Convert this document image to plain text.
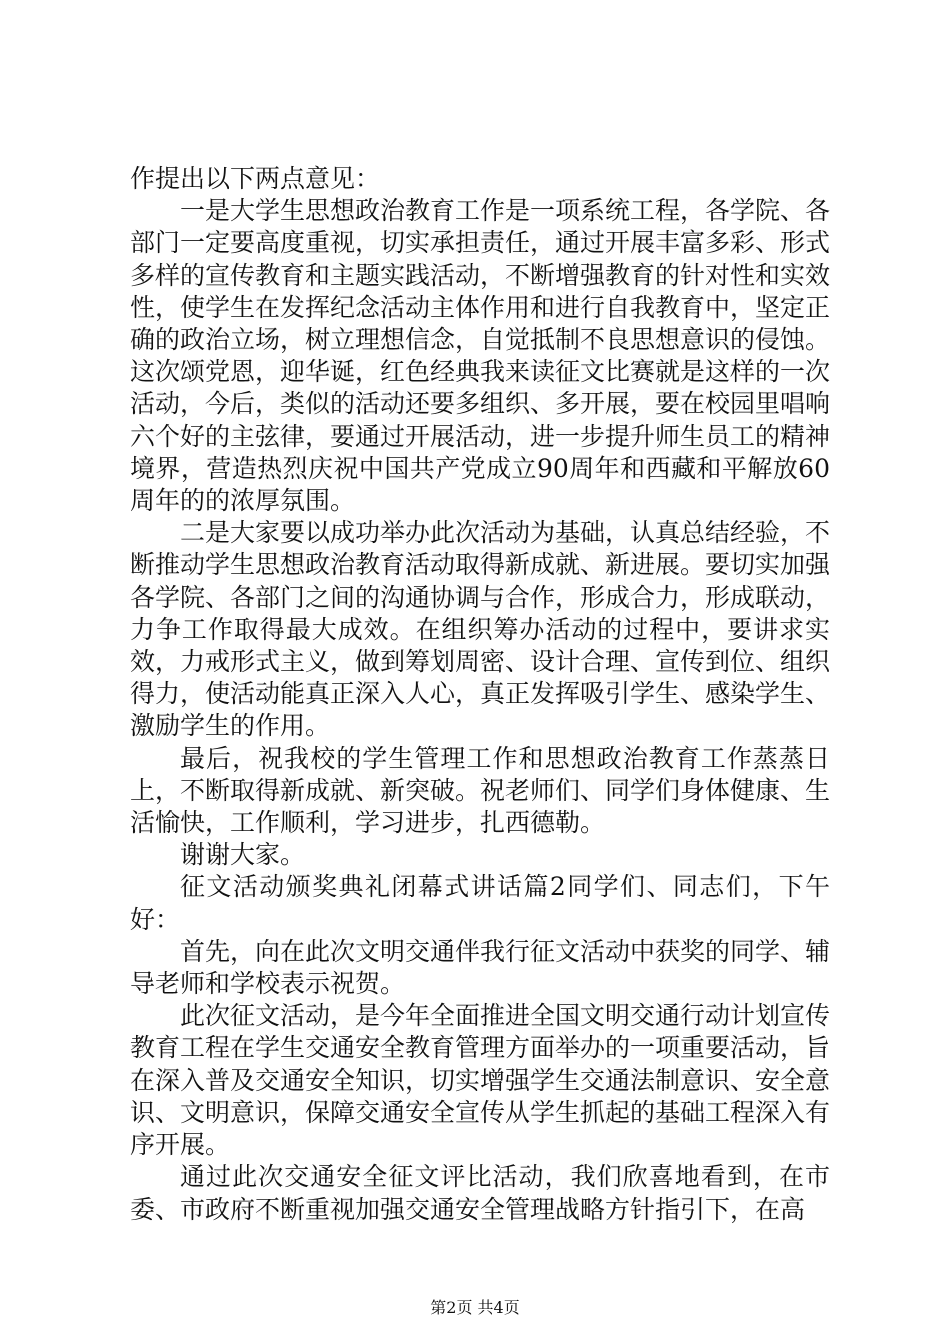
作提出以下两点意见：

一是大学生思想政治教育工作是一项系统工程，各学院、各部门一定要高度重视，切实承担责任，通过开展丰富多彩、形式多样的宣传教育和主题实践活动，不断增强教育的针对性和实效性，使学生在发挥纪念活动主体作用和进行自我教育中，坚定正确的政治立场，树立理想信念，自觉抵制不良思想意识的侵蚀。这次颂党恩，迎华诞，红色经典我来读征文比赛就是这样的一次活动，今后，类似的活动还要多组织、多开展，要在校园里唱响六个好的主弦律，要通过开展活动，进一步提升师生员工的精神境界，营造热烈庆祝中国共产党成立90周年和西藏和平解放60周年的的浓厚氛围。

二是大家要以成功举办此次活动为基础，认真总结经验，不断推动学生思想政治教育活动取得新成就、新进展。要切实加强各学院、各部门之间的沟通协调与合作，形成合力，形成联动，力争工作取得最大成效。在组织筹办活动的过程中，要讲求实效，力戒形式主义，做到筹划周密、设计合理、宣传到位、组织得力，使活动能真正深入人心，真正发挥吸引学生、感染学生、激励学生的作用。

最后，祝我校的学生管理工作和思想政治教育工作蒸蒸日上，不断取得新成就、新突破。祝老师们、同学们身体健康、生活愉快，工作顺利，学习进步，扎西德勒。

谢谢大家。

征文活动颁奖典礼闭幕式讲话篇2同学们、同志们，下午好：

首先，向在此次文明交通伴我行征文活动中获奖的同学、辅导老师和学校表示祝贺。

此次征文活动，是今年全面推进全国文明交通行动计划宣传教育工程在学生交通安全教育管理方面举办的一项重要活动，旨在深入普及交通安全知识，切实增强学生交通法制意识、安全意识、文明意识，保障交通安全宣传从学生抓起的基础工程深入有序开展。

通过此次交通安全征文评比活动，我们欣喜地看到，在市委、市政府不断重视加强交通安全管理战略方针指引下，在高

第2页 共4页
